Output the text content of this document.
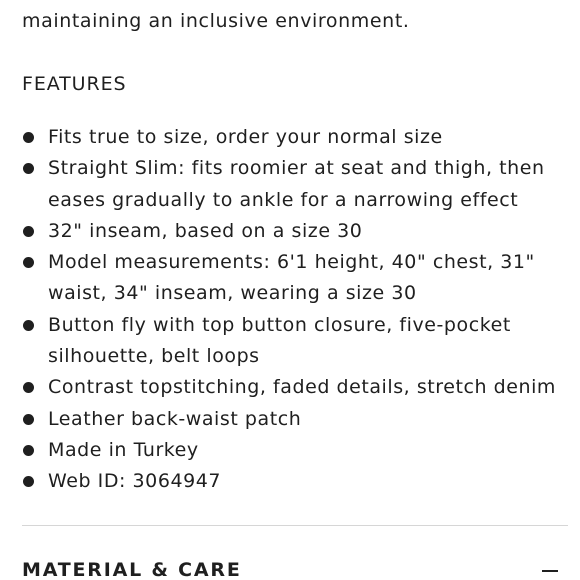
maintaining an inclusive environment.
FEATURES
Fits true to size, order your normal size
Straight Slim: fits roomier at seat and thigh, then
eases gradually to ankle for a narrowing effect
32" inseam, based on a size 30
Model measurements: 6'1 height, 40" chest, 31"
waist, 34" inseam, wearing a size 30
Button fly with top button closure, five-pocket
silhouette, belt loops
Contrast topstitching, faded details, stretch denim
Leather back-waist patch
Made in Turkey
Web ID: 3064947
MATERIAL & CARE
